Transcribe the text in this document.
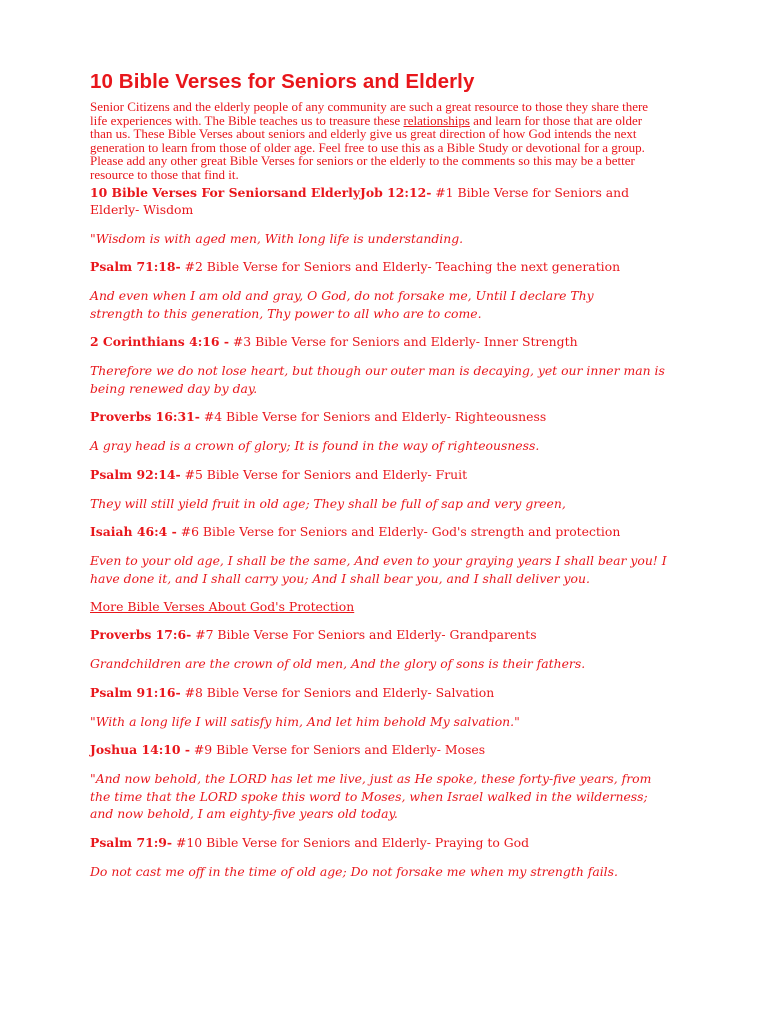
10 Bible Verses for Seniors and Elderly

Senior Citizens and the elderly people of any community are such a great resource to those they share there life experiences with. The Bible teaches us to treasure these relationships and learn for those that are older than us. These Bible Verses about seniors and elderly give us great direction of how God intends the next generation to learn from those of older age. Feel free to use this as a Bible Study or devotional for a group. Please add any other great Bible Verses for seniors or the elderly to the comments so this may be a better resource to those that find it.

10 Bible Verses For Seniorsand ElderlyJob 12:12- #1 Bible Verse for Seniors and Elderly- Wisdom

"Wisdom is with aged men, With long life is understanding.

Psalm 71:18- #2 Bible Verse for Seniors and Elderly- Teaching the next generation

And even when I am old and gray, O God, do not forsake me, Until I declare Thy strength to this generation, Thy power to all who are to come.

2 Corinthians 4:16 - #3 Bible Verse for Seniors and Elderly- Inner Strength

Therefore we do not lose heart, but though our outer man is decaying, yet our inner man is being renewed day by day.

Proverbs 16:31- #4 Bible Verse for Seniors and Elderly- Righteousness

A gray head is a crown of glory; It is found in the way of righteousness.

Psalm 92:14- #5 Bible Verse for Seniors and Elderly- Fruit

They will still yield fruit in old age; They shall be full of sap and very green,

Isaiah 46:4 - #6 Bible Verse for Seniors and Elderly- God's strength and protection

Even to your old age, I shall be the same, And even to your graying years I shall bear you! I have done it, and I shall carry you; And I shall bear you, and I shall deliver you.

More Bible Verses About God's Protection

Proverbs 17:6- #7 Bible Verse For Seniors and Elderly- Grandparents

Grandchildren are the crown of old men, And the glory of sons is their fathers.

Psalm 91:16- #8 Bible Verse for Seniors and Elderly- Salvation

"With a long life I will satisfy him, And let him behold My salvation."

Joshua 14:10 - #9 Bible Verse for Seniors and Elderly- Moses

"And now behold, the LORD has let me live, just as He spoke, these forty-five years, from the time that the LORD spoke this word to Moses, when Israel walked in the wilderness; and now behold, I am eighty-five years old today.

Psalm 71:9- #10 Bible Verse for Seniors and Elderly- Praying to God

Do not cast me off in the time of old age; Do not forsake me when my strength fails.
